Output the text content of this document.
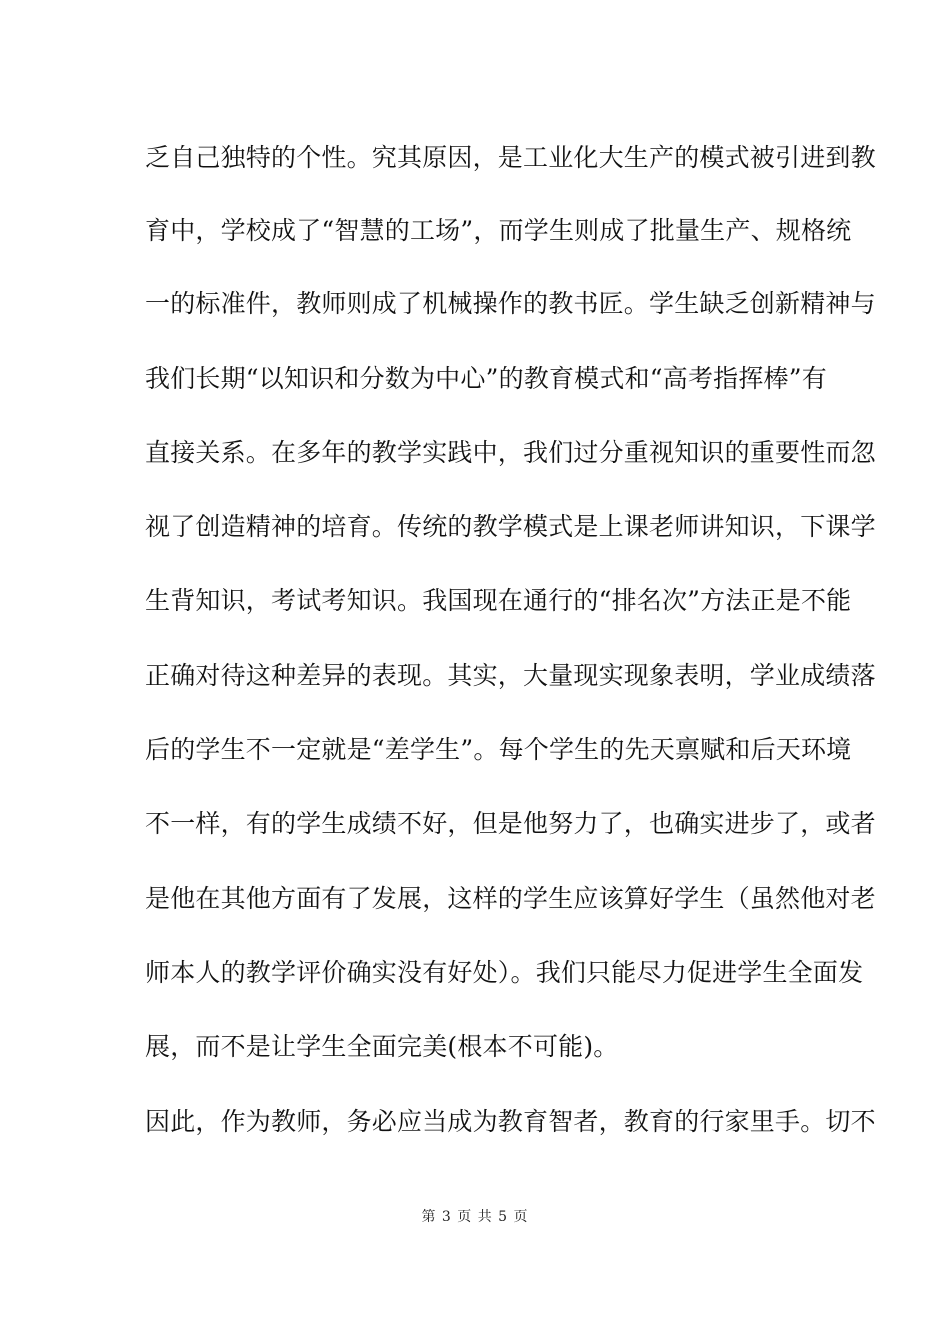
乏自己独特的个性。究其原因，是工业化大生产的模式被引进到教
育中，学校成了“智慧的工场”，而学生则成了批量生产、规格统
一的标准件，教师则成了机械操作的教书匠。学生缺乏创新精神与
我们长期“以知识和分数为中心”的教育模式和“高考指挥棒”有
直接关系。在多年的教学实践中，我们过分重视知识的重要性而忽
视了创造精神的培育。传统的教学模式是上课老师讲知识，下课学
生背知识，考试考知识。我国现在通行的“排名次”方法正是不能
正确对待这种差异的表现。其实，大量现实现象表明，学业成绩落
后的学生不一定就是“差学生”。每个学生的先天禀赋和后天环境
不一样，有的学生成绩不好，但是他努力了，也确实进步了，或者
是他在其他方面有了发展，这样的学生应该算好学生（虽然他对老
师本人的教学评价确实没有好处）。我们只能尽力促进学生全面发
展，而不是让学生全面完美(根本不可能)。
因此，作为教师，务必应当成为教育智者，教育的行家里手。切不
第 3 页 共 5 页
